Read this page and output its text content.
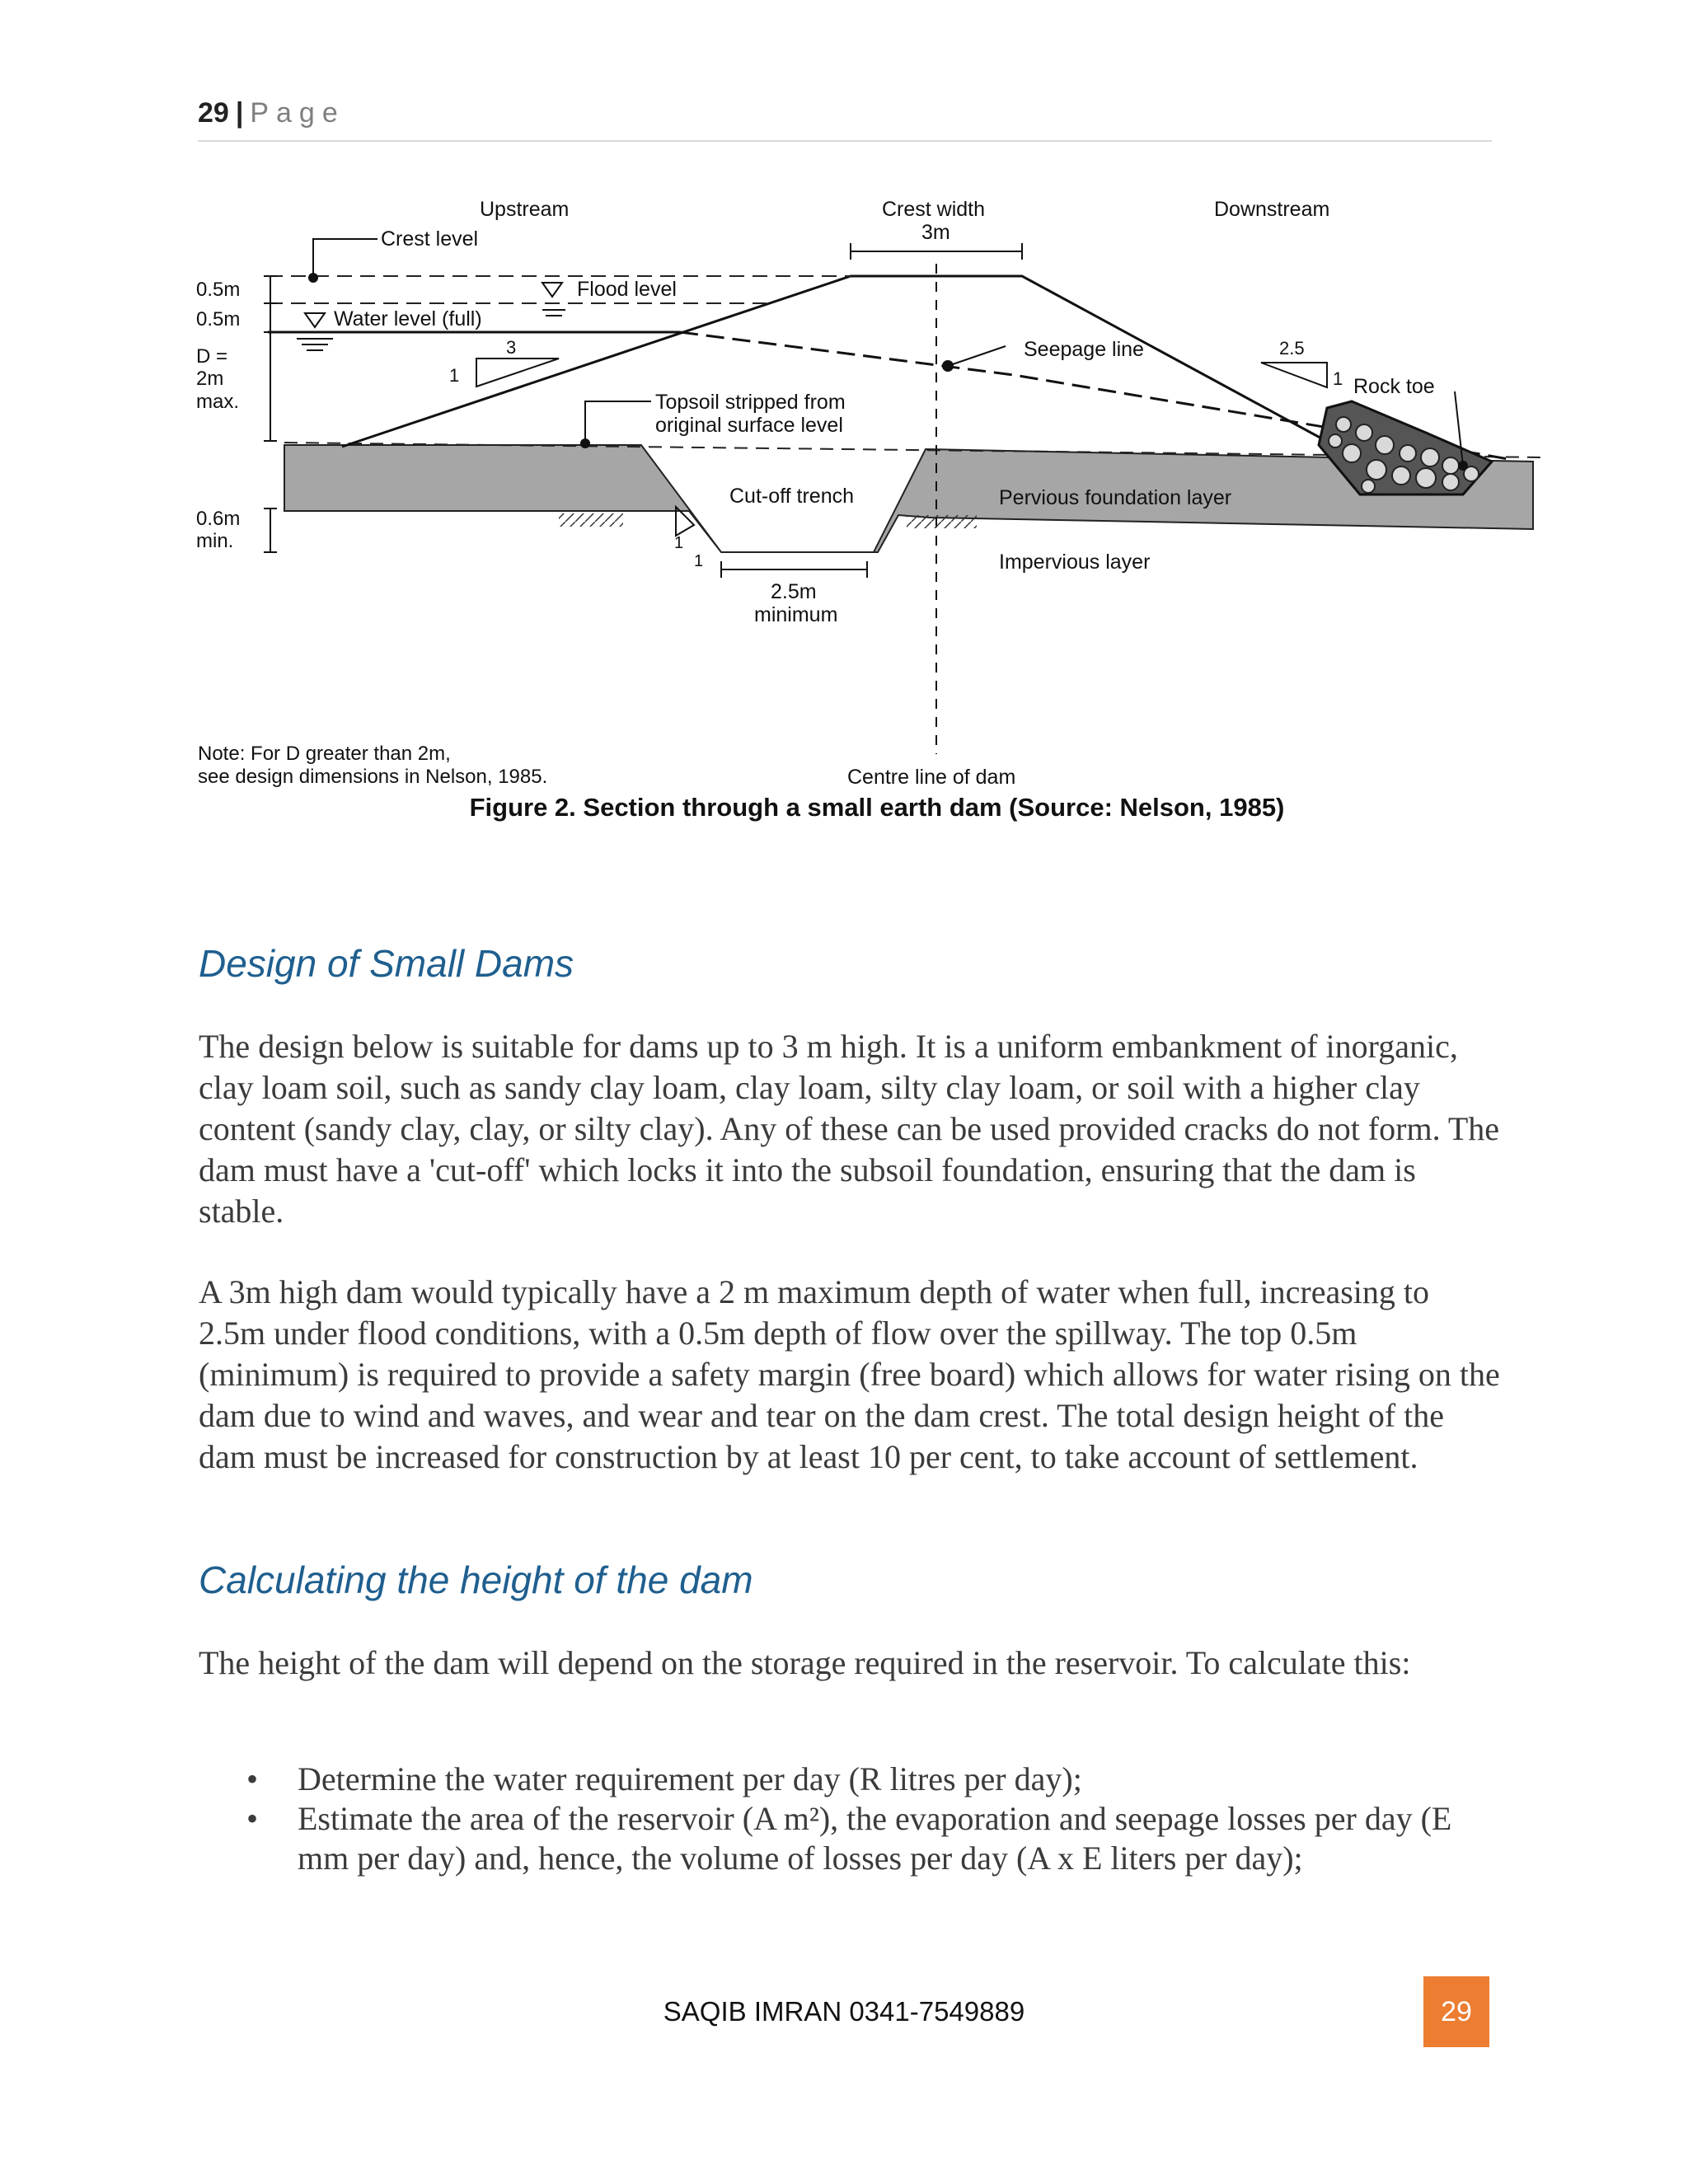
29 | Page
Upstream	Crest width
3m
Downstream
Crest level
Flood level
Water level (full)
0.5m
0.5m
D =
2m
max.
3
1
Seepage line	2.5
1 Rock toe
Topsoil stripped from
original surface level
Cut-off trench	Pervious foundation layer
0.6m
min.	1
1	Impervious layer
2.5m
minimum
Note: For D greater than 2m,
see design dimensions in Nelson, 1985.	Centre line of dam
Figure 2. Section through a small earth dam (Source: Nelson, 1985)
Design of Small Dams

The design below is suitable for dams up to 3 m high. It is a uniform embankment of inorganic, clay loam soil, such as sandy clay loam, clay loam, silty clay loam, or soil with a higher clay content (sandy clay, clay, or silty clay). Any of these can be used provided cracks do not form. The dam must have a 'cut-off' which locks it into the subsoil foundation, ensuring that the dam is stable.

A 3m high dam would typically have a 2 m maximum depth of water when full, increasing to 2.5m under flood conditions, with a 0.5m depth of flow over the spillway. The top 0.5m (minimum) is required to provide a safety margin (free board) which allows for water rising on the dam due to wind and waves, and wear and tear on the dam crest. The total design height of the dam must be increased for construction by at least 10 per cent, to take account of settlement.

Calculating the height of the dam

The height of the dam will depend on the storage required in the reservoir. To calculate this:

• Determine the water requirement per day (R litres per day);
• Estimate the area of the reservoir (A m²), the evaporation and seepage losses per day (E mm per day) and, hence, the volume of losses per day (A x E liters per day);
SAQIB IMRAN 0341-7549889	29
